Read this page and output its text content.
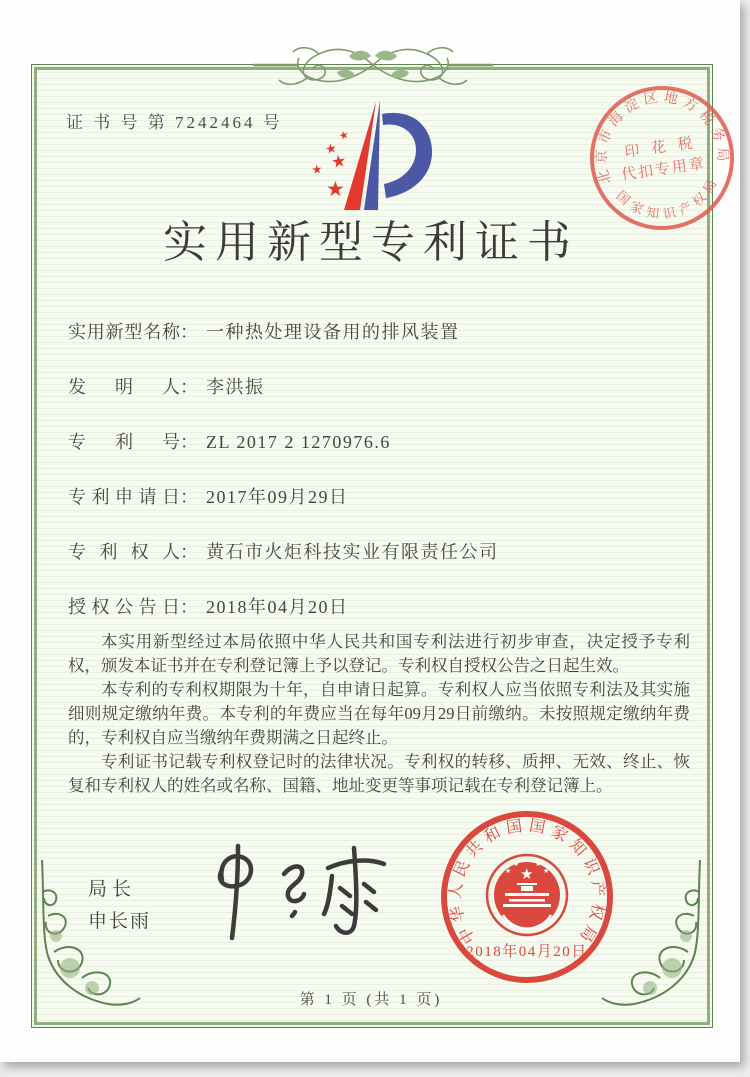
证 书 号 第 7242464 号
★
★
★ ★
★
实用新型专利证书
实用新型名称 ： 一种热处理设备用的排风装置
发明人 ： 李洪振
专利号 ： ZL 2017 2 1270976.6
专利申请日 ： 2017年09月29日
专利权人 ： 黄石市火炬科技实业有限责任公司
授权公告日 ： 2018年04月20日

本实用新型经过本局依照中华人民共和国专利法进行初步审查，决定授予专利权，颁发本证书并在专利登记簿上予以登记。专利权自授权公告之日起生效。

本专利的专利权期限为十年，自申请日起算。专利权人应当依照专利法及其实施细则规定缴纳年费。本专利的年费应当在每年09月29日前缴纳。未按照规定缴纳年费的，专利权自应当缴纳年费期满之日起终止。

专利证书记载专利权登记时的法律状况。专利权的转移、质押、无效、终止、恢复和专利权人的姓名或名称、国籍、地址变更等事项记载在专利登记簿上。

局长
申长雨	中华人民共和国国家知识产权局
★
★
★ ★
★
2018年04月20日
北京市海淀区地方税务局
国家知识产权局
印 花 税
代扣专用章
第 1 页 (共 1 页)
